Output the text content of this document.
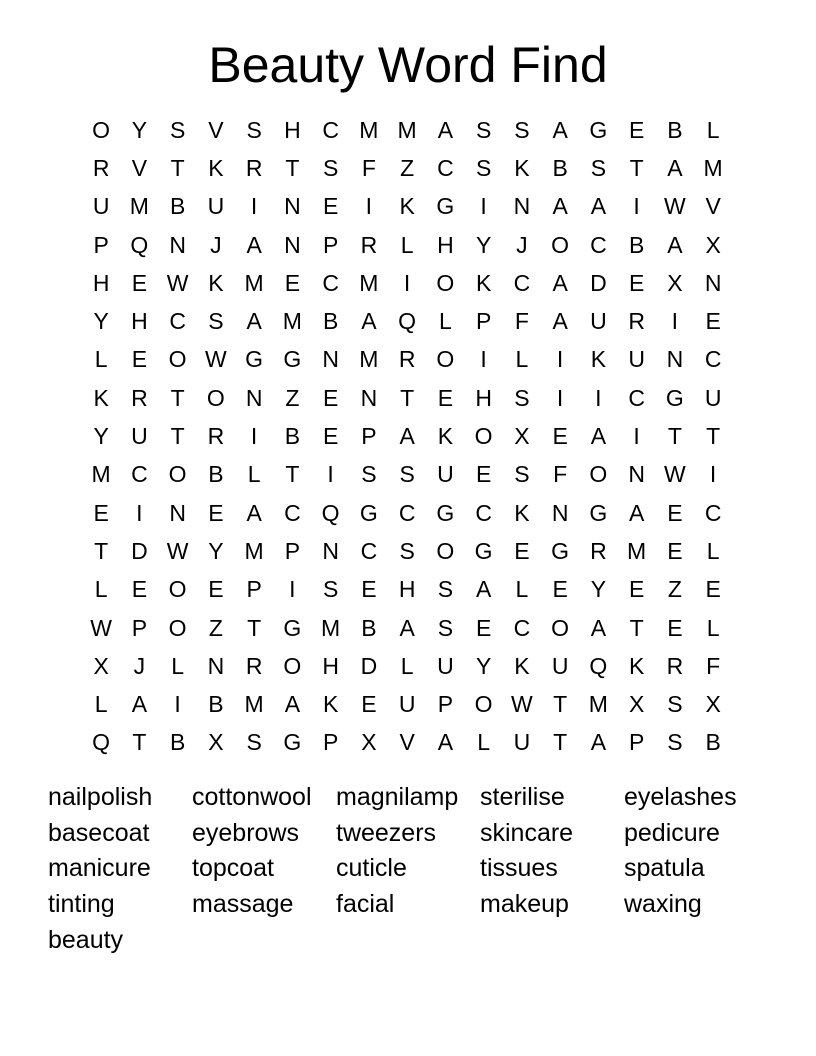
Beauty Word Find
O Y S V S H C M M A S S A G E B	L
R V	T	K R T	S	F	Z C S K B S	T	A M
U M B U	I	N E	I	K G	I	N A A	I	W V
P Q N	J	A N P R	L	H Y	J	O C B A X
H E W K M E C M	I	O K C A D E X N
Y H C S A M B A Q L	P	F	A U R	I	E
L	E O W G G N M R O	I	L	I	K U N C
K R T O N Z	E N T	E H S	I	I	C G U
Y U T R	I	B E P A K O X E A	I	T	T
M C O B	L	T	I	S S U E S	F O N W	I
E	I	N E A C Q G C G C K N G A E C
T D W Y M P N C S O G E G R M E	L
L	E O E P	I	S E H S A	L	E Y E	Z	E
W P O Z	T G M B A S E C O A	T	E	L
X	J	L	N R O H D	L	U Y K U Q K R F
L	A	I	B M A K E U P O W T M X S X
Q T	B X S G P X V A	L	U T	A P S B
nailpolish	cottonwool magnilamp sterilise	eyelashes
basecoat	eyebrows	tweezers	skincare	pedicure
manicure	topcoat	cuticle	tissues	spatula
tinting	massage	facial	makeup	waxing
beauty
